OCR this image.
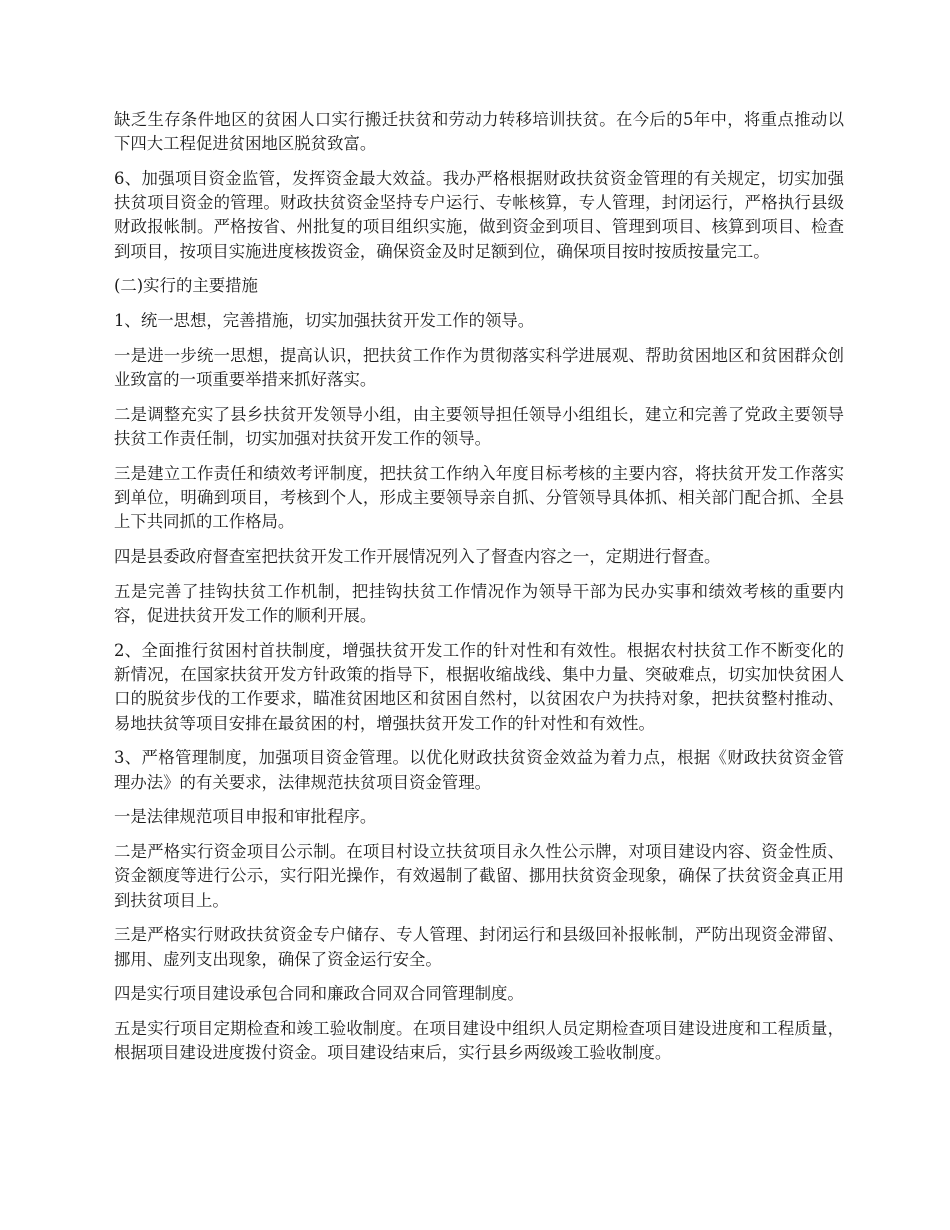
缺乏生存条件地区的贫困人口实行搬迁扶贫和劳动力转移培训扶贫。在今后的5年中，将重点推动以下四大工程促进贫困地区脱贫致富。

6、加强项目资金监管，发挥资金最大效益。我办严格根据财政扶贫资金管理的有关规定，切实加强扶贫项目资金的管理。财政扶贫资金坚持专户运行、专帐核算，专人管理，封闭运行，严格执行县级财政报帐制。严格按省、州批复的项目组织实施，做到资金到项目、管理到项目、核算到项目、检查到项目，按项目实施进度核拨资金，确保资金及时足额到位，确保项目按时按质按量完工。

(二)实行的主要措施

1、统一思想，完善措施，切实加强扶贫开发工作的领导。

一是进一步统一思想，提高认识，把扶贫工作作为贯彻落实科学进展观、帮助贫困地区和贫困群众创业致富的一项重要举措来抓好落实。

二是调整充实了县乡扶贫开发领导小组，由主要领导担任领导小组组长，建立和完善了党政主要领导扶贫工作责任制，切实加强对扶贫开发工作的领导。

三是建立工作责任和绩效考评制度，把扶贫工作纳入年度目标考核的主要内容，将扶贫开发工作落实到单位，明确到项目，考核到个人，形成主要领导亲自抓、分管领导具体抓、相关部门配合抓、全县上下共同抓的工作格局。

四是县委政府督查室把扶贫开发工作开展情况列入了督查内容之一，定期进行督查。

五是完善了挂钩扶贫工作机制，把挂钩扶贫工作情况作为领导干部为民办实事和绩效考核的重要内容，促进扶贫开发工作的顺利开展。

2、全面推行贫困村首扶制度，增强扶贫开发工作的针对性和有效性。根据农村扶贫工作不断变化的新情况，在国家扶贫开发方针政策的指导下，根据收缩战线、集中力量、突破难点，切实加快贫困人口的脱贫步伐的工作要求，瞄准贫困地区和贫困自然村，以贫困农户为扶持对象，把扶贫整村推动、易地扶贫等项目安排在最贫困的村，增强扶贫开发工作的针对性和有效性。

3、严格管理制度，加强项目资金管理。以优化财政扶贫资金效益为着力点，根据《财政扶贫资金管理办法》的有关要求，法律规范扶贫项目资金管理。

一是法律规范项目申报和审批程序。

二是严格实行资金项目公示制。在项目村设立扶贫项目永久性公示牌，对项目建设内容、资金性质、资金额度等进行公示，实行阳光操作，有效遏制了截留、挪用扶贫资金现象，确保了扶贫资金真正用到扶贫项目上。

三是严格实行财政扶贫资金专户储存、专人管理、封闭运行和县级回补报帐制，严防出现资金滞留、挪用、虚列支出现象，确保了资金运行安全。

四是实行项目建设承包合同和廉政合同双合同管理制度。

五是实行项目定期检查和竣工验收制度。在项目建设中组织人员定期检查项目建设进度和工程质量，根据项目建设进度拨付资金。项目建设结束后，实行县乡两级竣工验收制度。
